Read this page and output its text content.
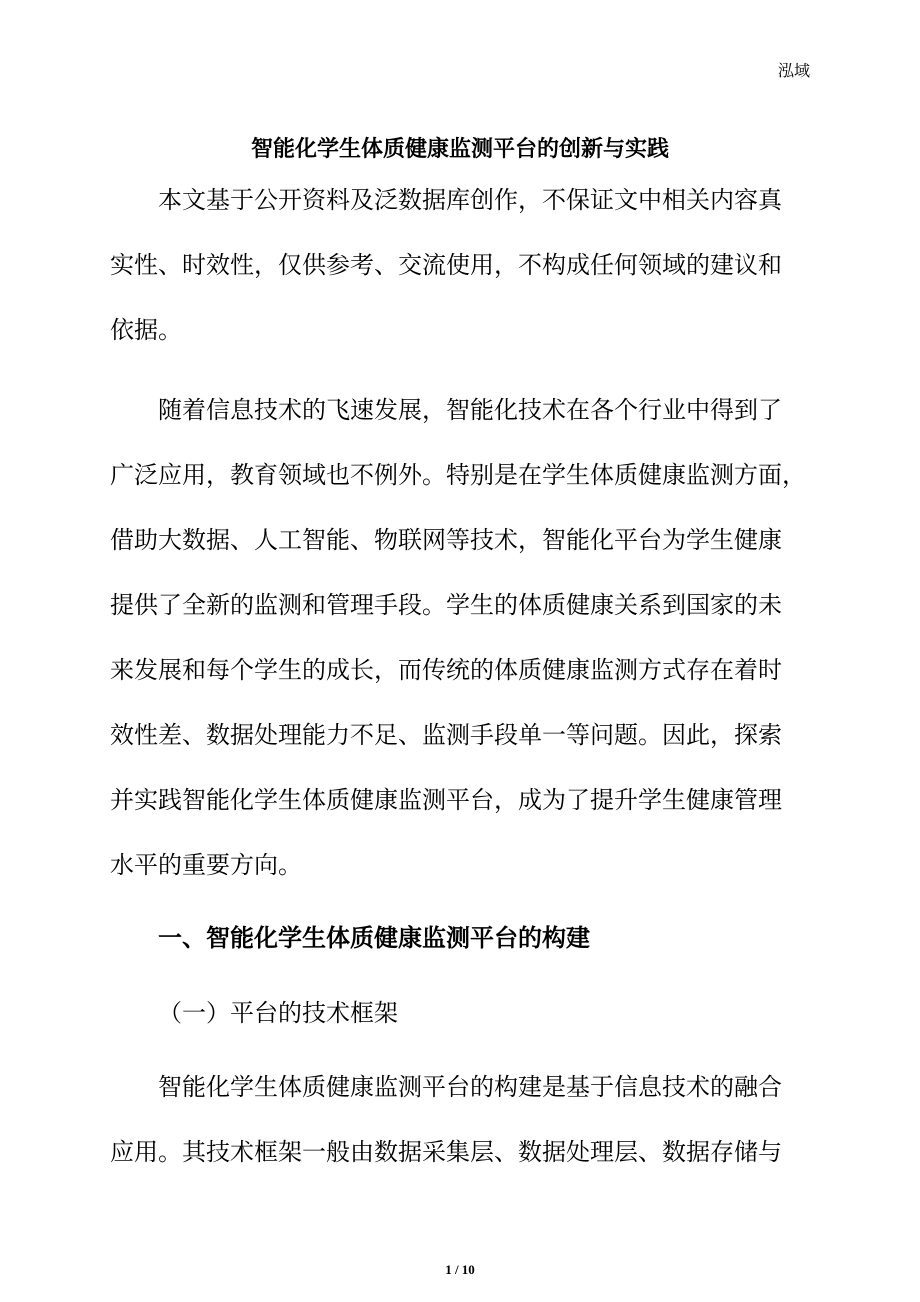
泓域
智能化学生体质健康监测平台的创新与实践
本文基于公开资料及泛数据库创作，不保证文中相关内容真
实性、时效性，仅供参考、交流使用，不构成任何领域的建议和
依据。
随着信息技术的飞速发展，智能化技术在各个行业中得到了
广泛应用，教育领域也不例外。特别是在学生体质健康监测方面，
借助大数据、人工智能、物联网等技术，智能化平台为学生健康
提供了全新的监测和管理手段。学生的体质健康关系到国家的未
来发展和每个学生的成长，而传统的体质健康监测方式存在着时
效性差、数据处理能力不足、监测手段单一等问题。因此，探索
并实践智能化学生体质健康监测平台，成为了提升学生健康管理
水平的重要方向。
一、智能化学生体质健康监测平台的构建
（一）平台的技术框架
智能化学生体质健康监测平台的构建是基于信息技术的融合
应用。其技术框架一般由数据采集层、数据处理层、数据存储与
1 / 10
